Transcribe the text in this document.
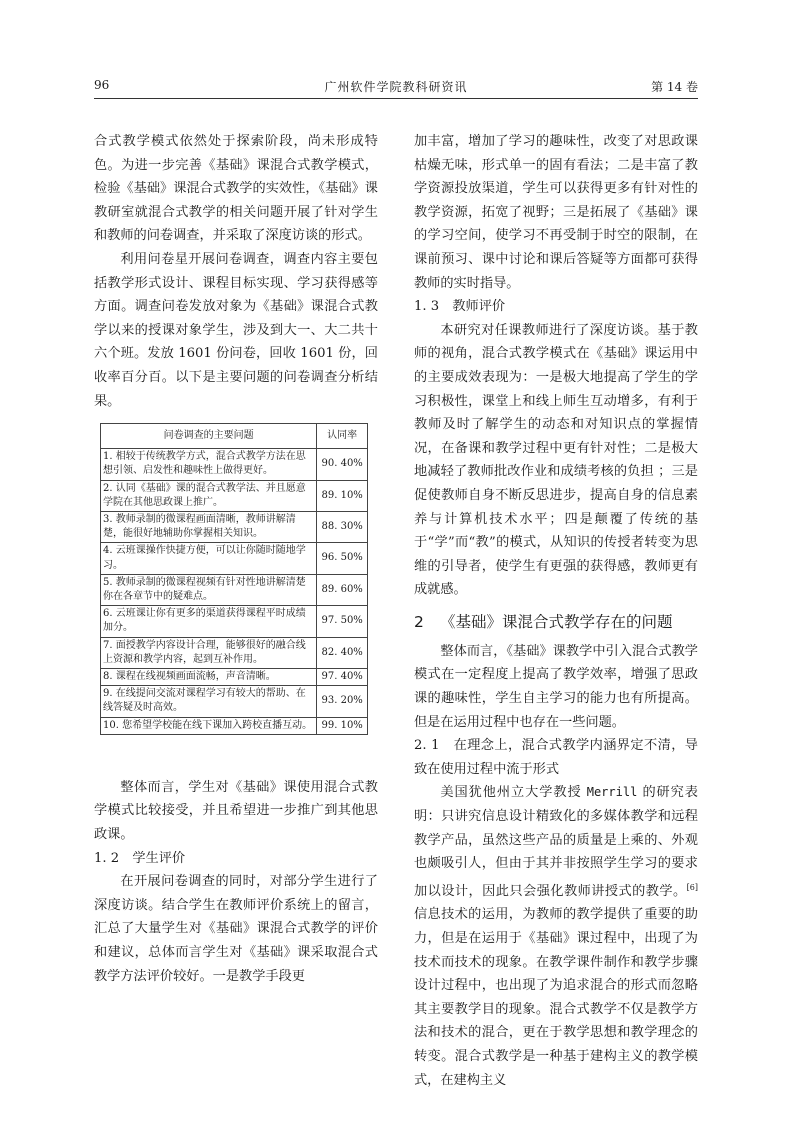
96	广州软件学院教科研资讯	第 14 卷

合式教学模式依然处于探索阶段，尚未形成特色。为进一步完善《基础》课混合式教学模式，检验《基础》课混合式教学的实效性，《基础》课教研室就混合式教学的相关问题开展了针对学生和教师的问卷调查，并采取了深度访谈的形式。

利用问卷星开展问卷调查，调查内容主要包括教学形式设计、课程目标实现、学习获得感等方面。调查问卷发放对象为《基础》课混合式教学以来的授课对象学生，涉及到大一、大二共十六个班。发放 1601 份问卷，回收 1601 份，回收率百分百。以下是主要问题的问卷调查分析结果。

问卷调查的主要问题	认同率
1. 相较于传统教学方式，混合式教学方法在思想引领、启发性和趣味性上做得更好。	90. 40%
2. 认同《基础》课的混合式教学法、并且愿意学院在其他思政课上推广。	89. 10%
3. 教师录制的微课程画面清晰，教师讲解清楚，能很好地辅助你掌握相关知识。	88. 30%
4. 云班课操作快捷方便，可以让你随时随地学习。	96. 50%
5. 教师录制的微课程视频有针对性地讲解清楚你在各章节中的疑难点。	89. 60%
6. 云班课让你有更多的渠道获得课程平时成绩加分。	97. 50%
7. 面授教学内容设计合理，能够很好的融合线上资源和教学内容，起到互补作用。	82. 40%
8. 课程在线视频画面流畅，声音清晰。	97. 40%
9. 在线提问交流对课程学习有较大的帮助、在线答疑及时高效。	93. 20%
10. 您希望学校能在线下课加入跨校直播互动。	99. 10%

整体而言，学生对《基础》课使用混合式教学模式比较接受，并且希望进一步推广到其他思政课。

1. 2　学生评价

在开展问卷调查的同时，对部分学生进行了深度访谈。结合学生在教师评价系统上的留言，汇总了大量学生对《基础》课混合式教学的评价和建议，总体而言学生对《基础》课采取混合式教学方法评价较好。一是教学手段更

加丰富，增加了学习的趣味性，改变了对思政课枯燥无味，形式单一的固有看法；二是丰富了教学资源投放渠道，学生可以获得更多有针对性的教学资源，拓宽了视野；三是拓展了《基础》课的学习空间，使学习不再受制于时空的限制，在课前预习、课中讨论和课后答疑等方面都可获得教师的实时指导。

1. 3　教师评价

本研究对任课教师进行了深度访谈。基于教师的视角，混合式教学模式在《基础》课运用中的主要成效表现为：一是极大地提高了学生的学习积极性，课堂上和线上师生互动增多，有利于教师及时了解学生的动态和对知识点的掌握情况，在备课和教学过程中更有针对性；二是极大地减轻了教师批改作业和成绩考核的负担 ；三是促使教师自身不断反思进步，提高自身的信息素养与计算机技术水平；四是颠覆了传统的基于“学”而“教”的模式，从知识的传授者转变为思维的引导者，使学生有更强的获得感，教师更有成就感。

2 《基础》课混合式教学存在的问题

整体而言，《基础》课教学中引入混合式教学模式在一定程度上提高了教学效率，增强了思政课的趣味性，学生自主学习的能力也有所提高。但是在运用过程中也存在一些问题。

2. 1　在理念上，混合式教学内涵界定不清，导致在使用过程中流于形式

美国犹他州立大学教授 Merrill 的研究表明：只讲究信息设计精致化的多媒体教学和远程教学产品，虽然这些产品的质量是上乘的、外观也颇吸引人，但由于其并非按照学生学习的要求加以设计，因此只会强化教师讲授式的教学。[6]信息技术的运用，为教师的教学提供了重要的助力，但是在运用于《基础》课过程中，出现了为技术而技术的现象。在教学课件制作和教学步骤设计过程中，也出现了为追求混合的形式而忽略其主要教学目的现象。混合式教学不仅是教学方法和技术的混合，更在于教学思想和教学理念的转变。混合式教学是一种基于建构主义的教学模式，在建构主义
